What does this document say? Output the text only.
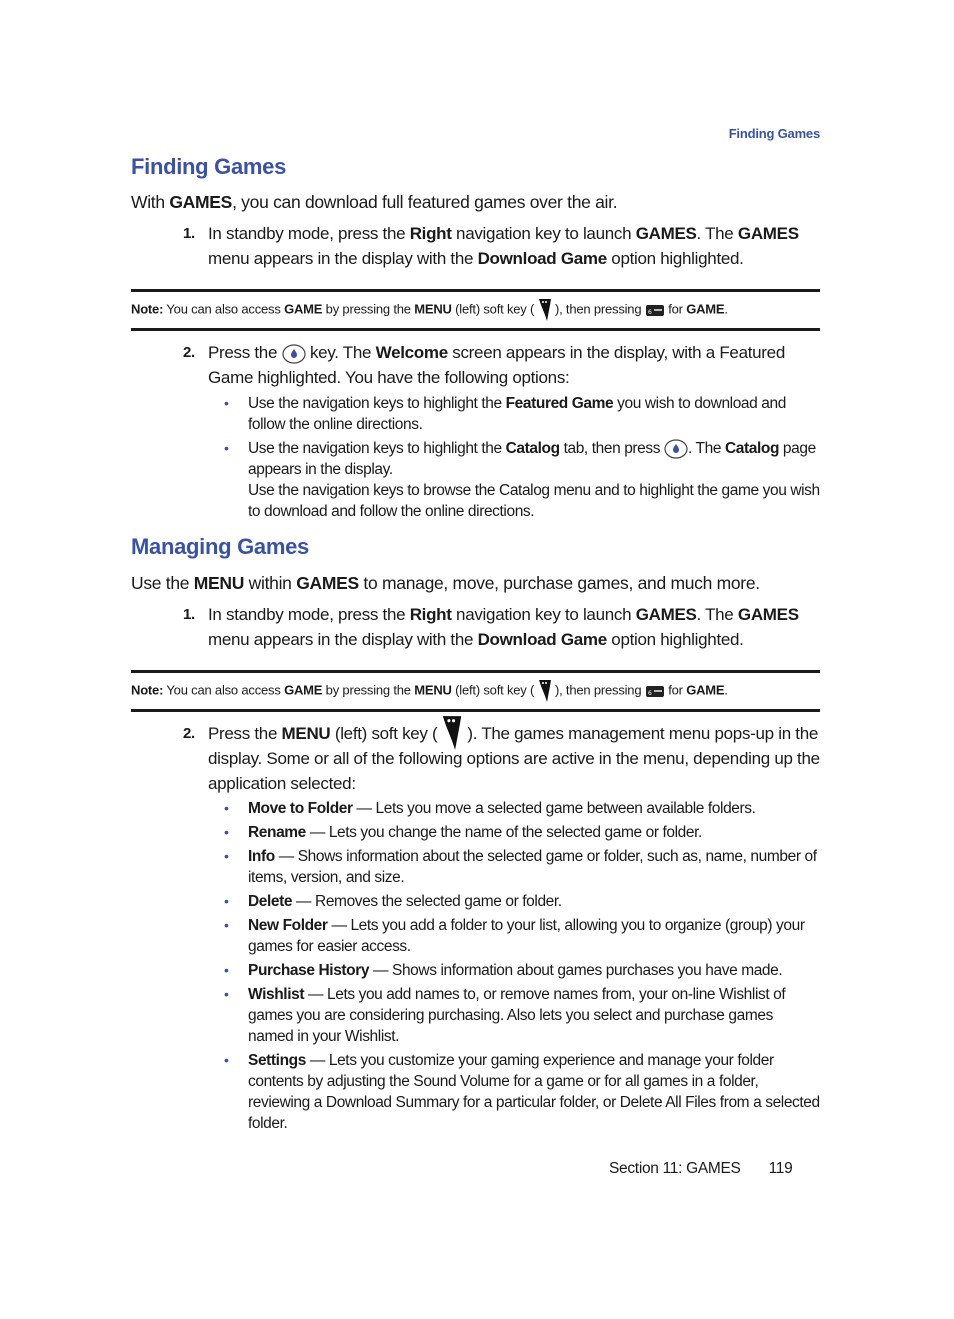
Finding Games
Finding Games
With GAMES, you can download full featured games over the air.
1. In standby mode, press the Right navigation key to launch GAMES. The GAMES menu appears in the display with the Download Game option highlighted.
Note: You can also access GAME by pressing the MENU (left) soft key ( ), then pressing 6 for GAME.
2. Press the  key. The Welcome screen appears in the display, with a Featured Game highlighted. You have the following options:
• Use the navigation keys to highlight the Featured Game you wish to download and follow the online directions.
• Use the navigation keys to highlight the Catalog tab, then press . The Catalog page appears in the display.
Use the navigation keys to browse the Catalog menu and to highlight the game you wish to download and follow the online directions.
Managing Games
Use the MENU within GAMES to manage, move, purchase games, and much more.
1. In standby mode, press the Right navigation key to launch GAMES. The GAMES menu appears in the display with the Download Game option highlighted.
Note: You can also access GAME by pressing the MENU (left) soft key ( ), then pressing 6 for GAME.
2. Press the MENU (left) soft key ( ). The games management menu pops-up in the display. Some or all of the following options are active in the menu, depending up the application selected:
• Move to Folder — Lets you move a selected game between available folders.
• Rename — Lets you change the name of the selected game or folder.
• Info — Shows information about the selected game or folder, such as, name, number of items, version, and size.
• Delete — Removes the selected game or folder.
• New Folder — Lets you add a folder to your list, allowing you to organize (group) your games for easier access.
• Purchase History — Shows information about games purchases you have made.
• Wishlist — Lets you add names to, or remove names from, your on-line Wishlist of games you are considering purchasing. Also lets you select and purchase games named in your Wishlist.
• Settings — Lets you customize your gaming experience and manage your folder contents by adjusting the Sound Volume for a game or for all games in a folder, reviewing a Download Summary for a particular folder, or Delete All Files from a selected folder.
Section 11: GAMES 119
